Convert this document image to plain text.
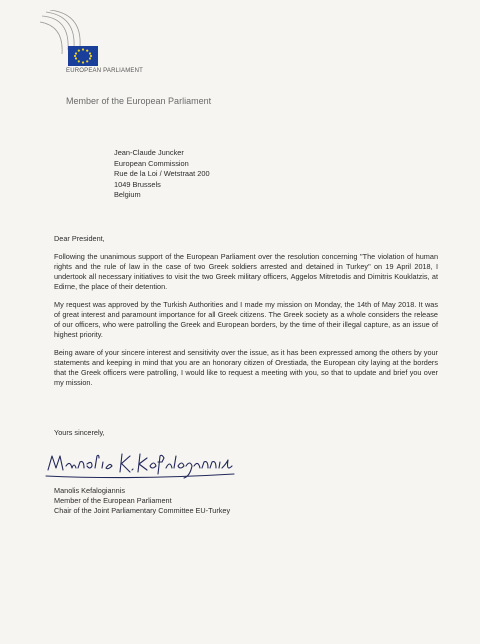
EUROPEAN PARLIAMENT
Member of the European Parliament
Jean-Claude Juncker
European Commission
Rue de la Loi / Wetstraat 200
1049 Brussels
Belgium

Dear President,

Following the unanimous support of the European Parliament over the resolution concerning "The violation of human rights and the rule of law in the case of two Greek soldiers arrested and detained in Turkey" on 19 April 2018, I undertook all necessary initiatives to visit the two Greek military officers, Aggelos Mitretodis and Dimitris Kouklatzis, at Edirne, the place of their detention.

My request was approved by the Turkish Authorities and I made my mission on Monday, the 14th of May 2018. It was of great interest and paramount importance for all Greek citizens. The Greek society as a whole considers the release of our officers, who were patrolling the Greek and European borders, by the time of their illegal capture, as an issue of highest priority.

Being aware of your sincere interest and sensitivity over the issue, as it has been expressed among the others by your statements and keeping in mind that you are an honorary citizen of Orestiada, the European city laying at the borders that the Greek officers were patrolling, I would like to request a meeting with you, so that to update and brief you over my mission.

Yours sincerely,
Manolis Kefalogiannis
Member of the European Parliament
Chair of the Joint Parliamentary Committee EU-Turkey
